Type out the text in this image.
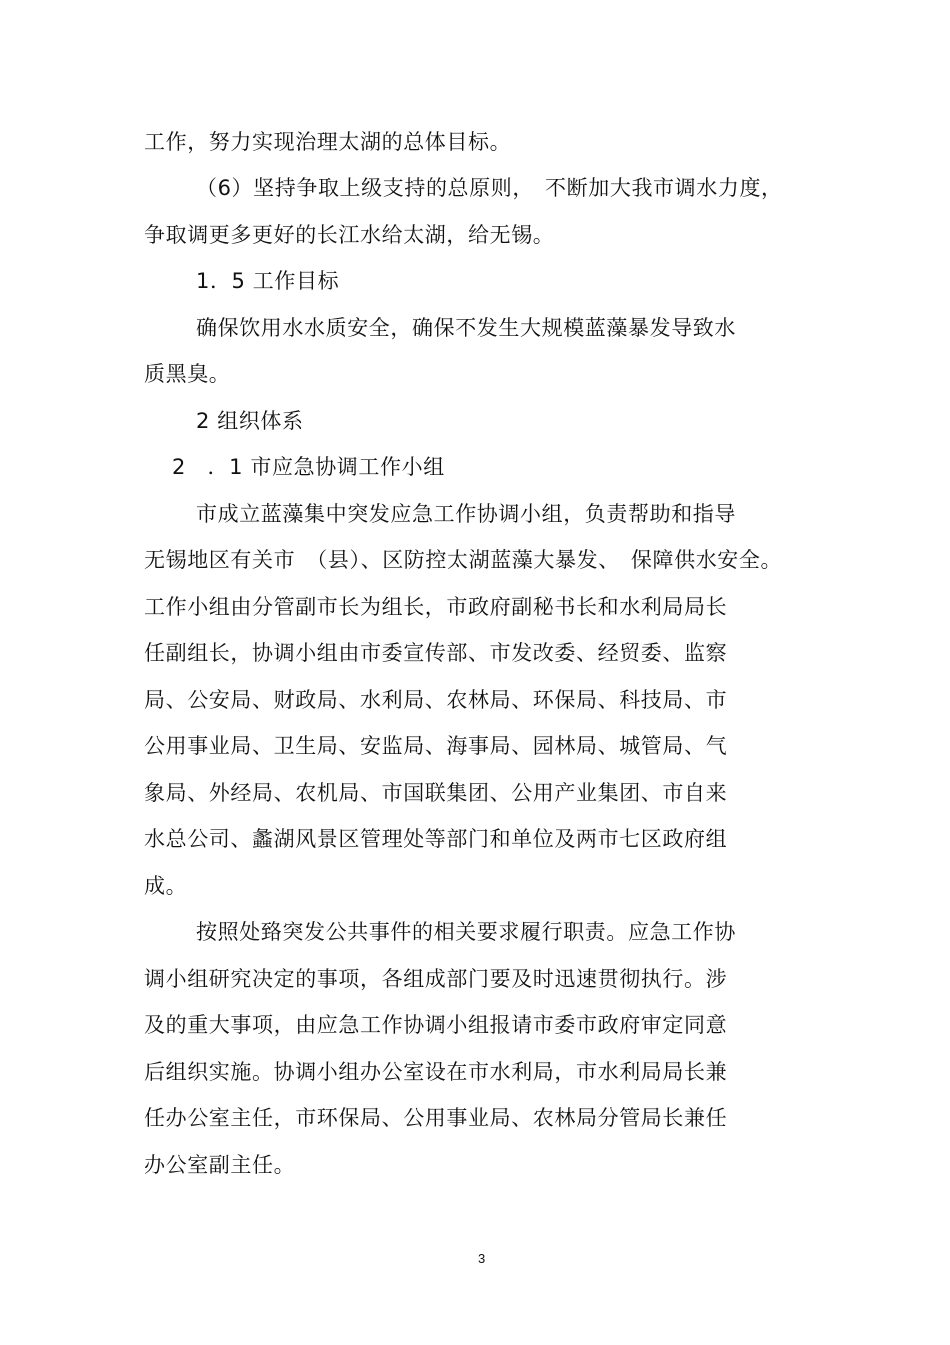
工作，努力实现治理太湖的总体目标。
（6）坚持争取上级支持的总原则，　不断加大我市调水力度，
争取调更多更好的长江水给太湖，给无锡。
1．5 工作目标
确保饮用水水质安全，确保不发生大规模蓝藻暴发导致水
质黑臭。
2 组织体系
2　．1 市应急协调工作小组
市成立蓝藻集中突发应急工作协调小组，负责帮助和指导
无锡地区有关市　（县）、区防控太湖蓝藻大暴发、　保障供水安全。
工作小组由分管副市长为组长，市政府副秘书长和水利局局长
任副组长，协调小组由市委宣传部、市发改委、经贸委、监察
局、公安局、财政局、水利局、农林局、环保局、科技局、市
公用事业局、卫生局、安监局、海事局、园林局、城管局、气
象局、外经局、农机局、市国联集团、公用产业集团、市自来
水总公司、蠡湖风景区管理处等部门和单位及两市七区政府组
成。
按照处臵突发公共事件的相关要求履行职责。应急工作协
调小组研究决定的事项，各组成部门要及时迅速贯彻执行。涉
及的重大事项，由应急工作协调小组报请市委市政府审定同意
后组织实施。协调小组办公室设在市水利局，市水利局局长兼
任办公室主任，市环保局、公用事业局、农林局分管局长兼任
办公室副主任。
3
